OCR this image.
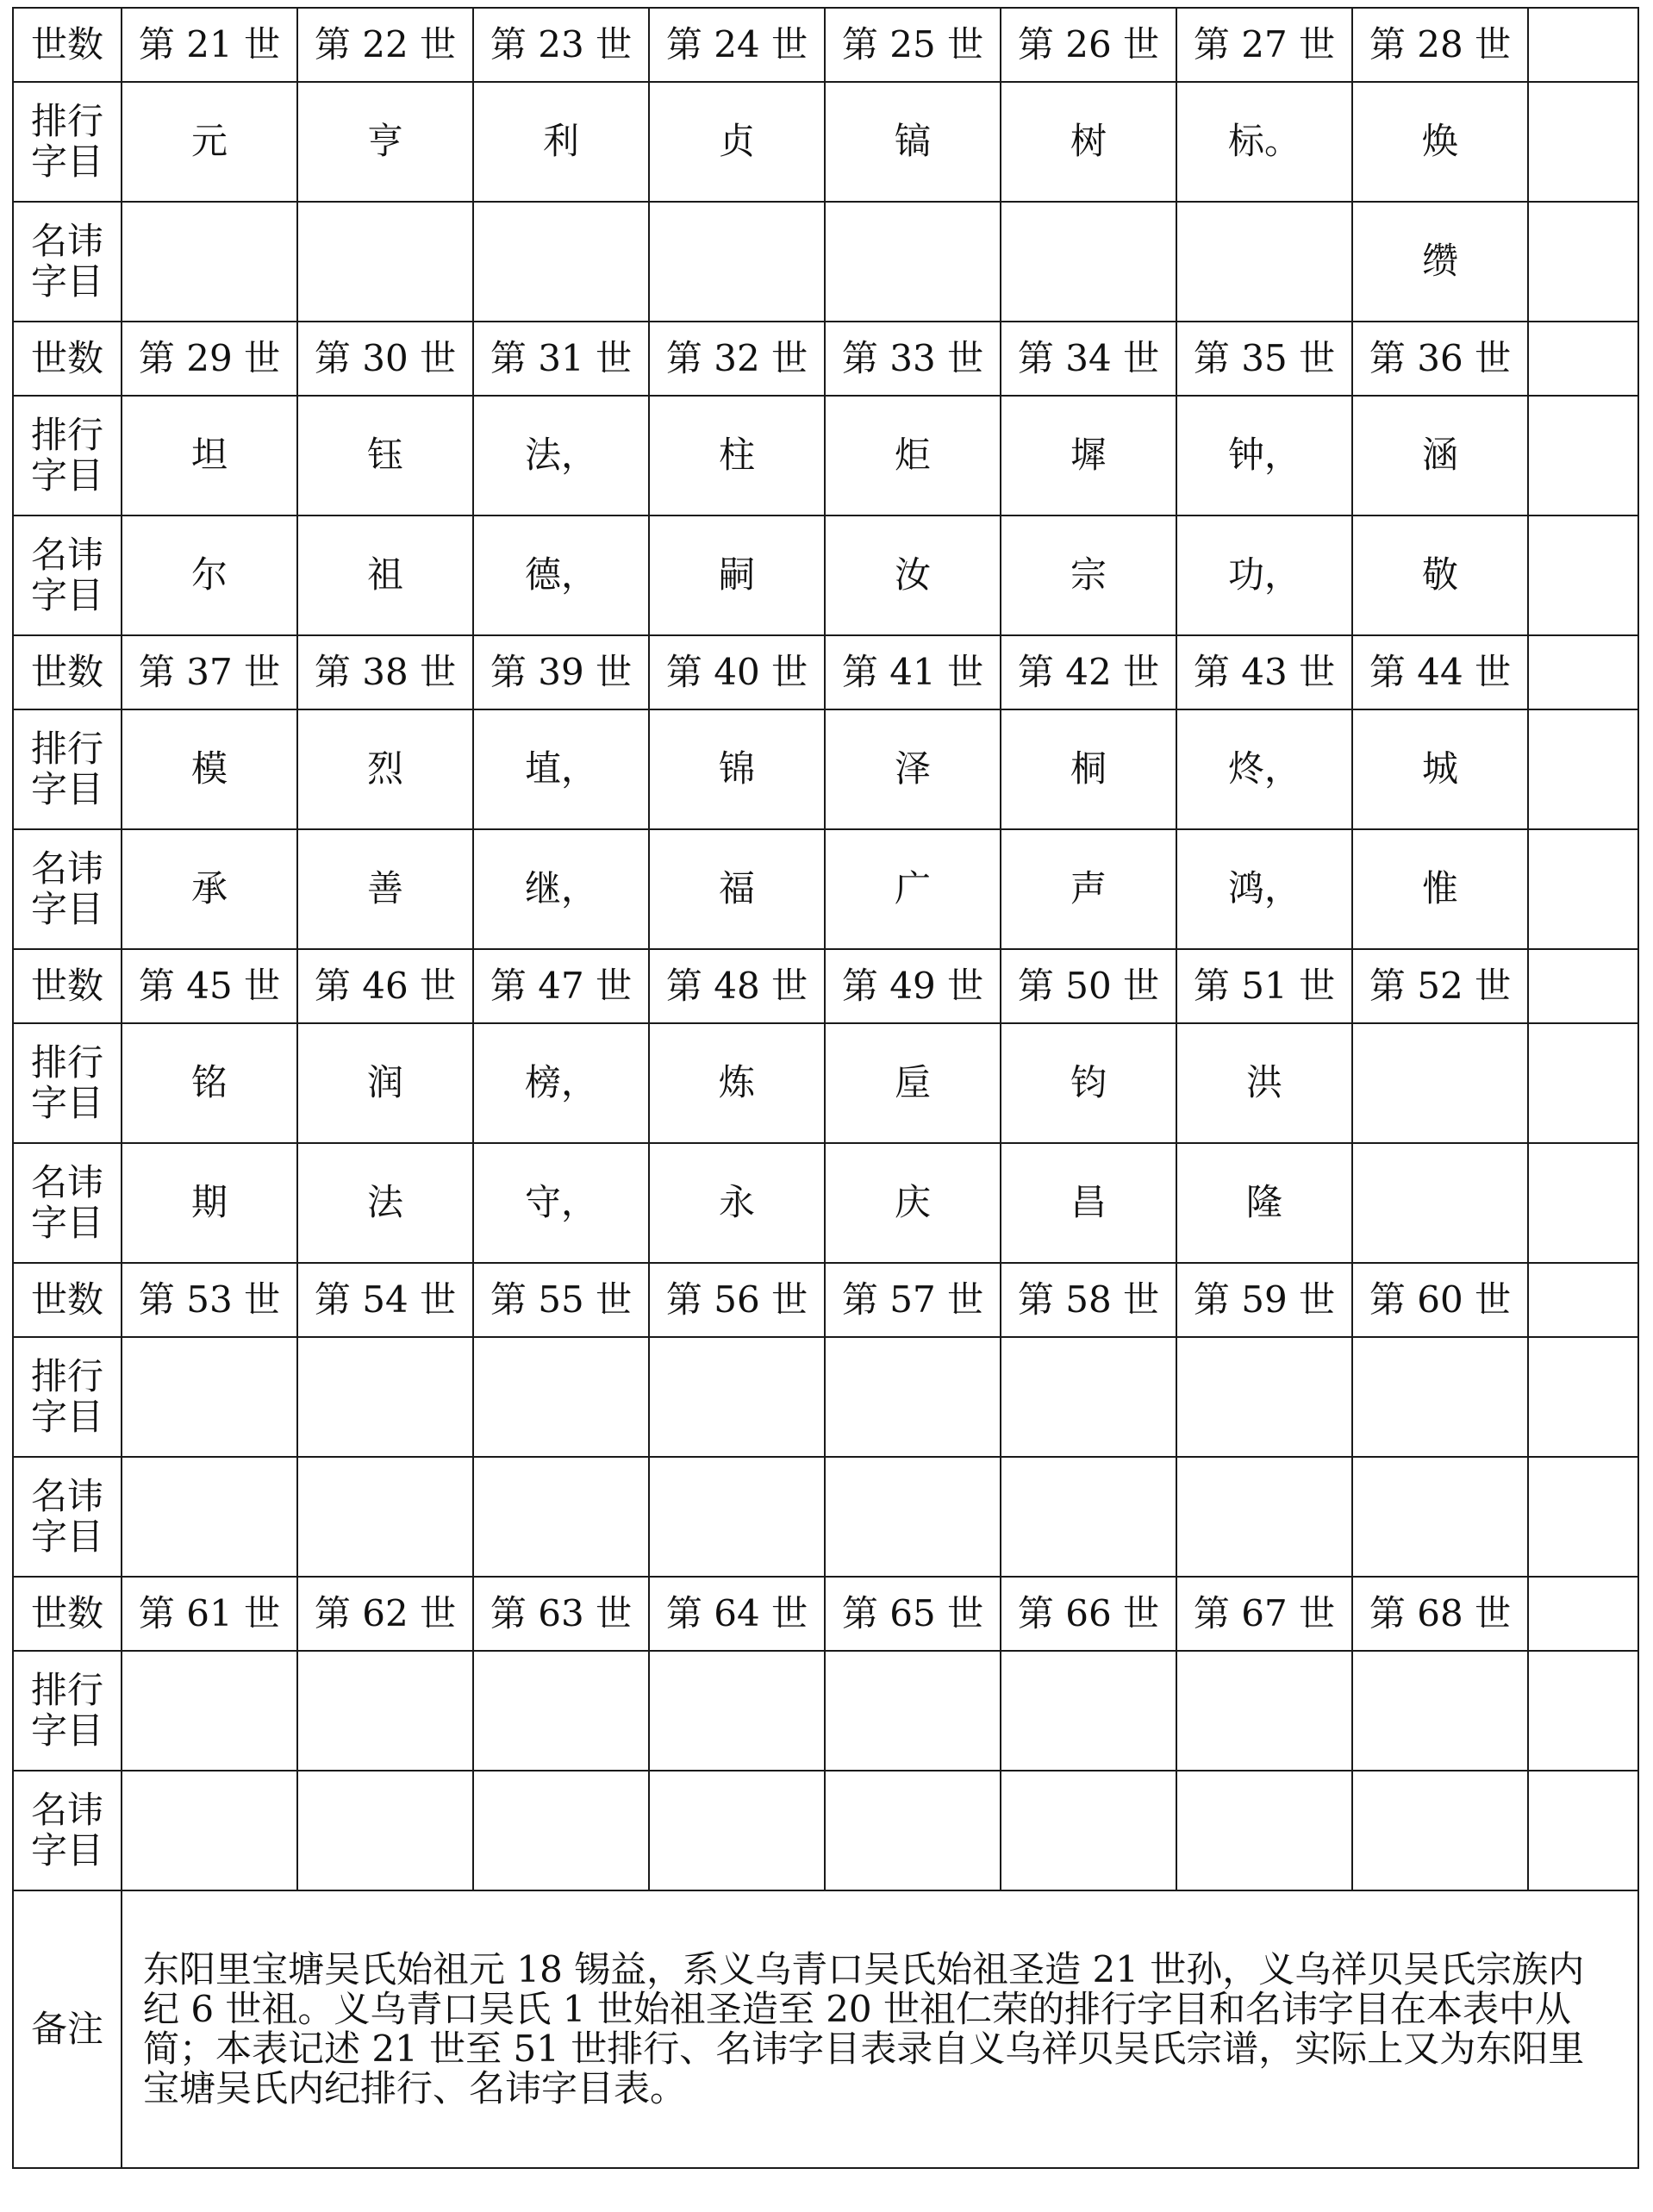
世数	第 21 世	第 22 世	第 23 世	第 24 世	第 25 世	第 26 世	第 27 世	第 28 世	
排行
字目	元	亨	利	贞	镐	树	标。	焕	
名讳
字目								缵	
世数	第 29 世	第 30 世	第 31 世	第 32 世	第 33 世	第 34 世	第 35 世	第 36 世	
排行
字目	坦	钰	法，	柱	炬	墀	钟，	涵	
名讳
字目	尔	祖	德，	嗣	汝	宗	功，	敬	
世数	第 37 世	第 38 世	第 39 世	第 40 世	第 41 世	第 42 世	第 43 世	第 44 世	
排行
字目	模	烈	埴，	锦	泽	桐	炵，	城	
名讳
字目	承	善	继，	福	广	声	鸿，	惟	
世数	第 45 世	第 46 世	第 47 世	第 48 世	第 49 世	第 50 世	第 51 世	第 52 世	
排行
字目	铭	润	榜，	炼	垕	钧	洪		
名讳
字目	期	法	守，	永	庆	昌	隆		
世数	第 53 世	第 54 世	第 55 世	第 56 世	第 57 世	第 58 世	第 59 世	第 60 世	
排行
字目									
名讳
字目									
世数	第 61 世	第 62 世	第 63 世	第 64 世	第 65 世	第 66 世	第 67 世	第 68 世	
排行
字目									
名讳
字目									
备注	东阳里宝塘吴氏始祖元 18 锡益，系义乌青口吴氏始祖圣造 21 世孙，义乌祥贝吴氏宗族内纪 6 世祖。义乌青口吴氏 1 世始祖圣造至 20 世祖仁荣的排行字目和名讳字目在本表中从简；本表记述 21 世至 51 世排行、名讳字目表录自义乌祥贝吴氏宗谱，实际上又为东阳里宝塘吴氏内纪排行、名讳字目表。								
